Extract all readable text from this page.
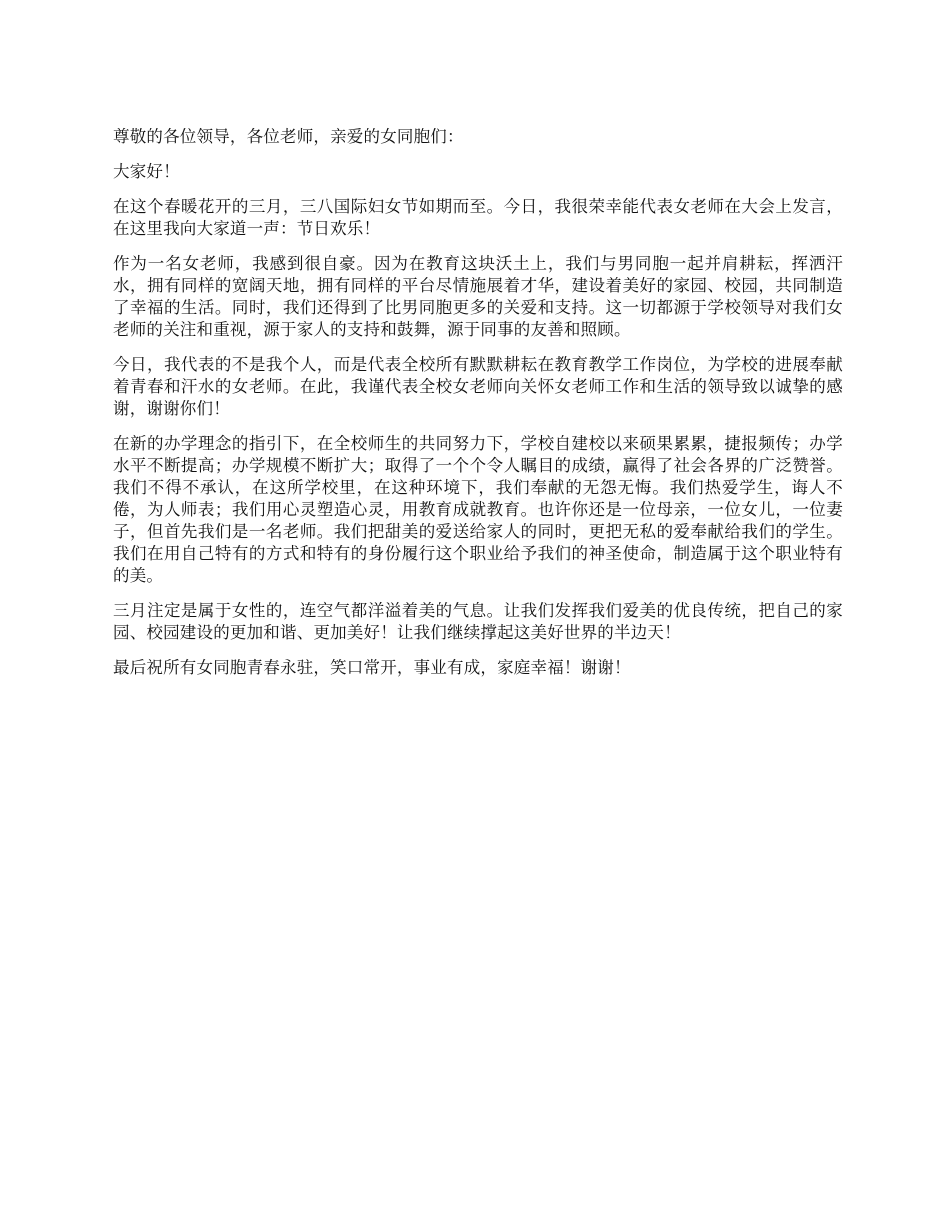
尊敬的各位领导，各位老师，亲爱的女同胞们：

大家好！

在这个春暖花开的三月，三八国际妇女节如期而至。今日，我很荣幸能代表女老师在大会上发言，在这里我向大家道一声：节日欢乐！

作为一名女老师，我感到很自豪。因为在教育这块沃土上，我们与男同胞一起并肩耕耘，挥洒汗水，拥有同样的宽阔天地，拥有同样的平台尽情施展着才华，建设着美好的家园、校园，共同制造了幸福的生活。同时，我们还得到了比男同胞更多的关爱和支持。这一切都源于学校领导对我们女老师的关注和重视，源于家人的支持和鼓舞，源于同事的友善和照顾。

今日，我代表的不是我个人，而是代表全校所有默默耕耘在教育教学工作岗位，为学校的进展奉献着青春和汗水的女老师。在此，我谨代表全校女老师向关怀女老师工作和生活的领导致以诚挚的感谢，谢谢你们！

在新的办学理念的指引下，在全校师生的共同努力下，学校自建校以来硕果累累，捷报频传；办学水平不断提高；办学规模不断扩大；取得了一个个令人瞩目的成绩，赢得了社会各界的广泛赞誉。我们不得不承认，在这所学校里，在这种环境下，我们奉献的无怨无悔。我们热爱学生，诲人不倦，为人师表；我们用心灵塑造心灵，用教育成就教育。也许你还是一位母亲，一位女儿，一位妻子，但首先我们是一名老师。我们把甜美的爱送给家人的同时，更把无私的爱奉献给我们的学生。我们在用自己特有的方式和特有的身份履行这个职业给予我们的神圣使命，制造属于这个职业特有的美。

三月注定是属于女性的，连空气都洋溢着美的气息。让我们发挥我们爱美的优良传统，把自己的家园、校园建设的更加和谐、更加美好！让我们继续撑起这美好世界的半边天！

最后祝所有女同胞青春永驻，笑口常开，事业有成，家庭幸福！谢谢！
